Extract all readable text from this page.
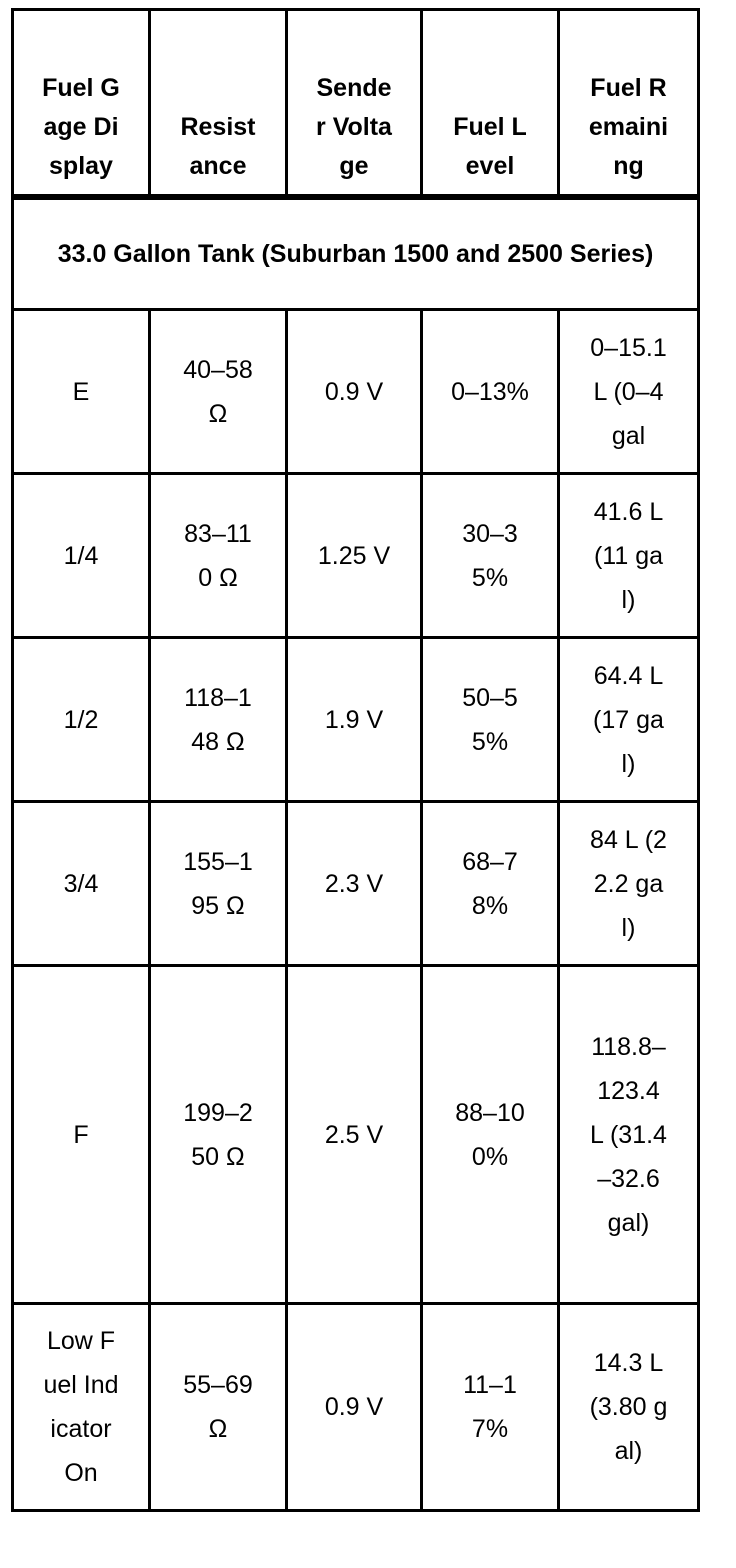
Fuel Gage Display	Resistance	Sender Voltage	Fuel Level	Fuel Remaining

33.0 Gallon Tank (Suburban 1500 and 2500 Series)				

E	40–58 Ω	0.9 V	0–13%	0–15.1 L (0–4 gal

1/4	83–110 Ω	1.25 V	30–35%	41.6 L (11 gal)

1/2	118–148 Ω	1.9 V	50–55%	64.4 L (17 gal)

3/4	155–195 Ω	2.3 V	68–78%	84 L (22.2 gal)

F	199–250 Ω	2.5 V	88–100%	118.8–123.4 L (31.4–32.6 gal)

Low Fuel Indicator On	55–69 Ω	0.9 V	11–17%	14.3 L (3.80 gal)
